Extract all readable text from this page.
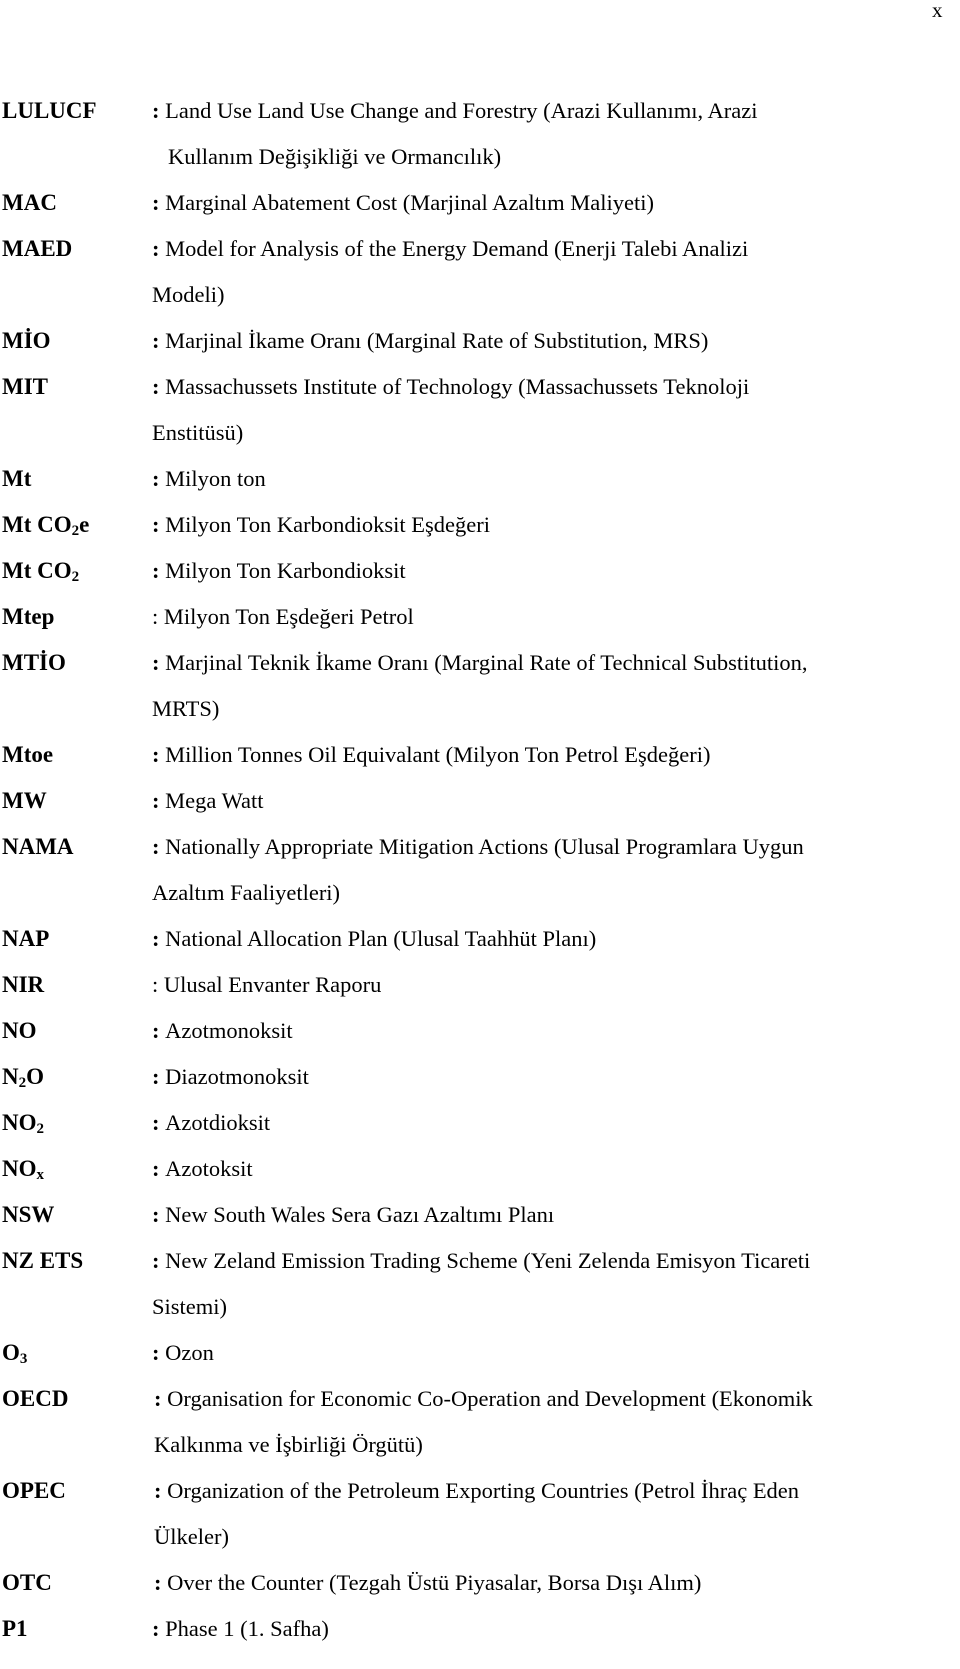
x
LULUCF : Land Use Land Use Change and Forestry (Arazi Kullanımı, Arazi
Kullanım Değişikliği ve Ormancılık)
MAC	: Marginal Abatement Cost (Marjinal Azaltım Maliyeti)
MAED	: Model for Analysis of the Energy Demand (Enerji Talebi Analizi
Modeli)
MİO	: Marjinal İkame Oranı (Marginal Rate of Substitution, MRS)
MIT	: Massachussets Institute of Technology (Massachussets Teknoloji
Enstitüsü)
Mt	: Milyon ton
Mt $CO_2e$	: Milyon Ton Karbondioksit Eşdeğeri
Mt $CO_2$	: Milyon Ton Karbondioksit
Mtep	: Milyon Ton Eşdeğeri Petrol
MTİO	: Marjinal Teknik İkame Oranı (Marginal Rate of Technical Substitution,
MRTS)
Mtoe	: Million Tonnes Oil Equivalant (Milyon Ton Petrol Eşdeğeri)
MW	: Mega Watt
NAMA	: Nationally Appropriate Mitigation Actions (Ulusal Programlara Uygun
Azaltım Faaliyetleri)
NAP	: National Allocation Plan (Ulusal Taahhüt Planı)
NIR	: Ulusal Envanter Raporu
NO	: Azotmonoksit
$N_2O$	: Diazotmonoksit
$NO_2$	: Azotdioksit
$NO_x$	: Azotoksit
NSW	: New South Wales Sera Gazı Azaltımı Planı
NZ ETS	: New Zeland Emission Trading Scheme (Yeni Zelenda Emisyon Ticareti
Sistemi)
$O_3$	: Ozon
OECD	: Organisation for Economic Co-Operation and Development (Ekonomik
Kalkınma ve İşbirliği Örgütü)
OPEC	: Organization of the Petroleum Exporting Countries (Petrol İhraç Eden
Ülkeler)
OTC	: Over the Counter (Tezgah Üstü Piyasalar, Borsa Dışı Alım)
P1	: Phase 1 (1. Safha)
